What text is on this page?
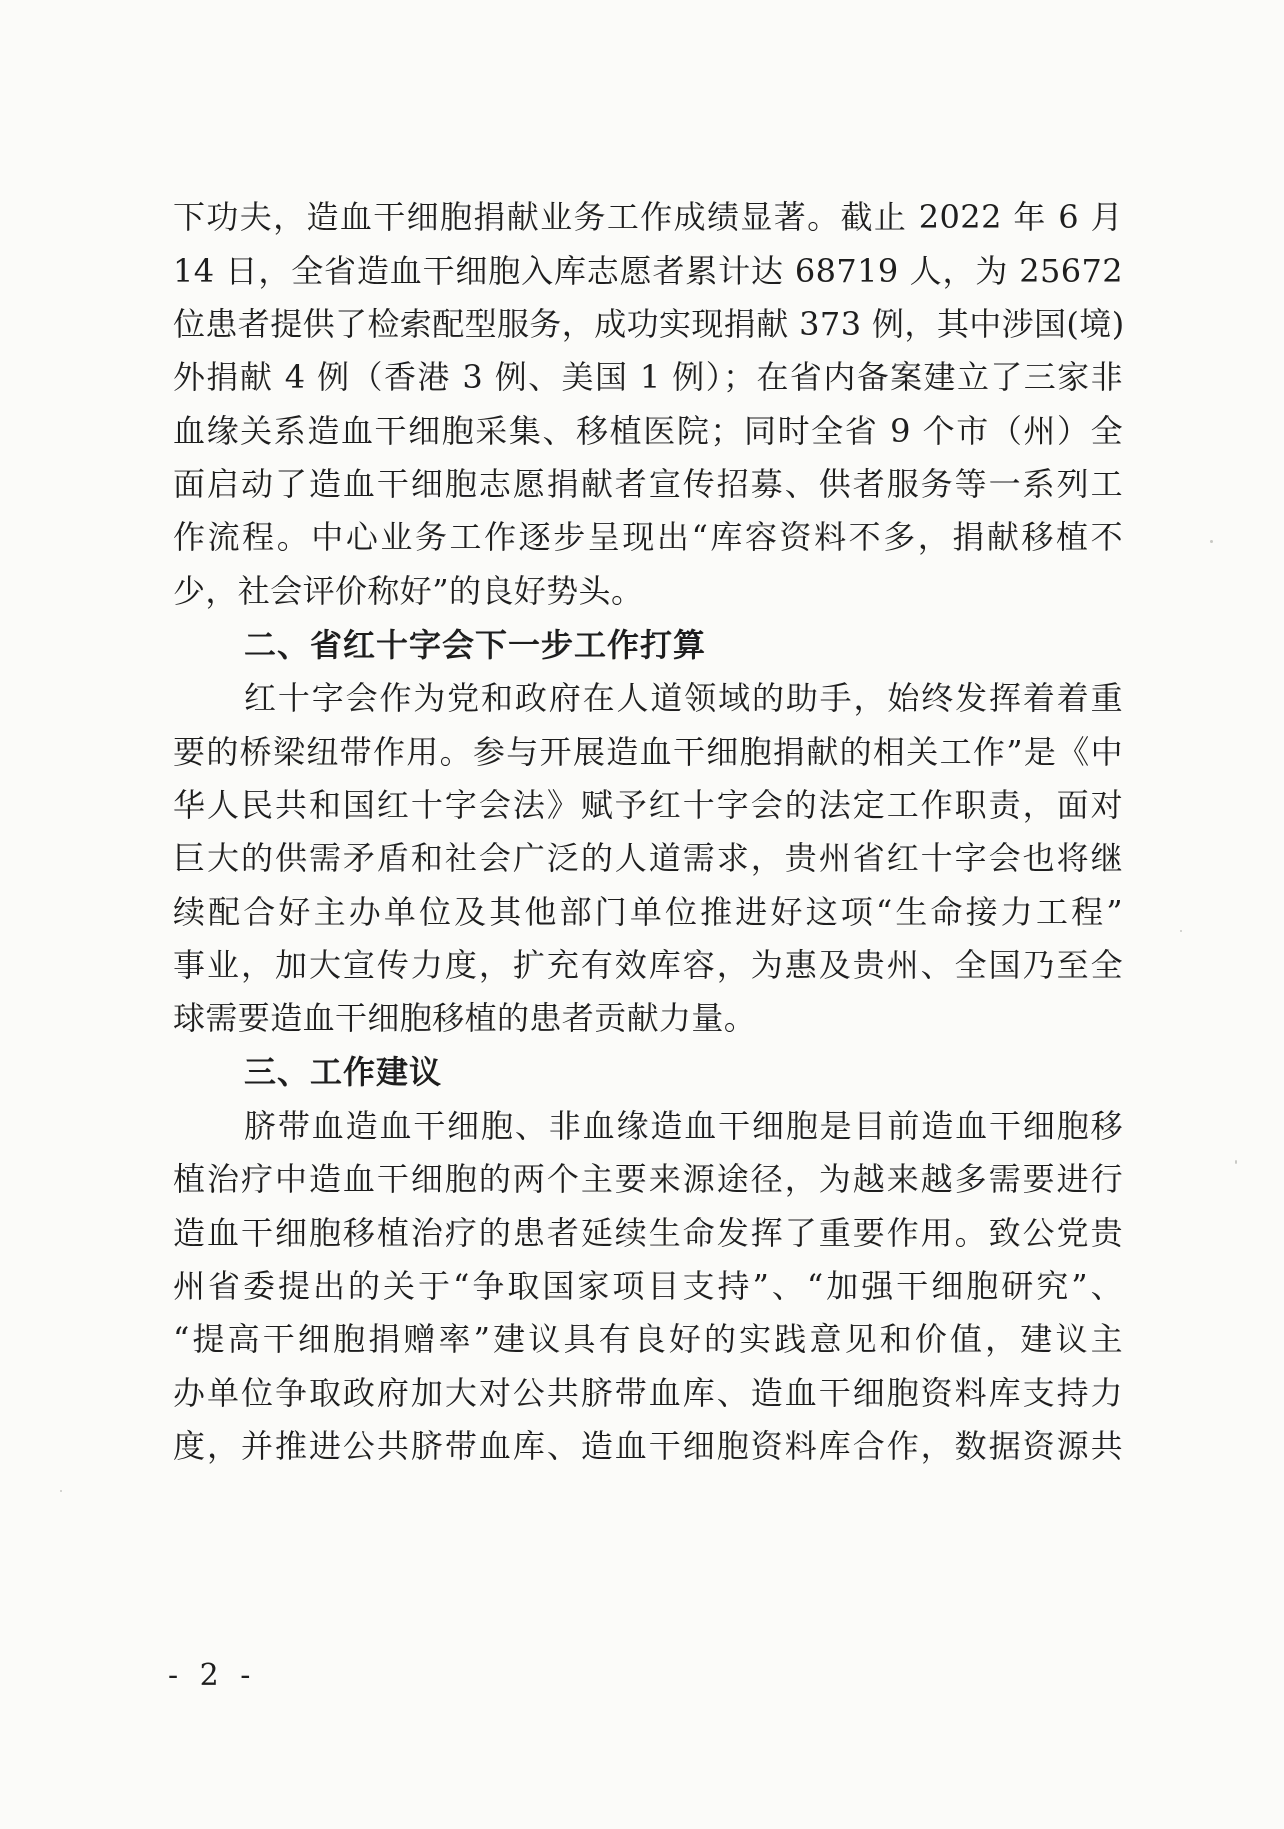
下功夫，造血干细胞捐献业务工作成绩显著。截止 2022 年 6 月
14 日，全省造血干细胞入库志愿者累计达 68719 人，为 25672
位患者提供了检索配型服务，成功实现捐献 373 例，其中涉国(境)
外捐献 4 例（香港 3 例、美国 1 例）；在省内备案建立了三家非
血缘关系造血干细胞采集、移植医院；同时全省 9 个市（州）全
面启动了造血干细胞志愿捐献者宣传招募、供者服务等一系列工
作流程。中心业务工作逐步呈现出“库容资料不多，捐献移植不
少，社会评价称好”的良好势头。
二、省红十字会下一步工作打算
红十字会作为党和政府在人道领域的助手，始终发挥着着重
要的桥梁纽带作用。参与开展造血干细胞捐献的相关工作”是《中
华人民共和国红十字会法》赋予红十字会的法定工作职责，面对
巨大的供需矛盾和社会广泛的人道需求，贵州省红十字会也将继
续配合好主办单位及其他部门单位推进好这项“生命接力工程”
事业，加大宣传力度，扩充有效库容，为惠及贵州、全国乃至全
球需要造血干细胞移植的患者贡献力量。
三、工作建议
脐带血造血干细胞、非血缘造血干细胞是目前造血干细胞移
植治疗中造血干细胞的两个主要来源途径，为越来越多需要进行
造血干细胞移植治疗的患者延续生命发挥了重要作用。致公党贵
州省委提出的关于“争取国家项目支持”、“加强干细胞研究”、
“提高干细胞捐赠率”建议具有良好的实践意见和价值，建议主
办单位争取政府加大对公共脐带血库、造血干细胞资料库支持力
度，并推进公共脐带血库、造血干细胞资料库合作，数据资源共
- 2 -
